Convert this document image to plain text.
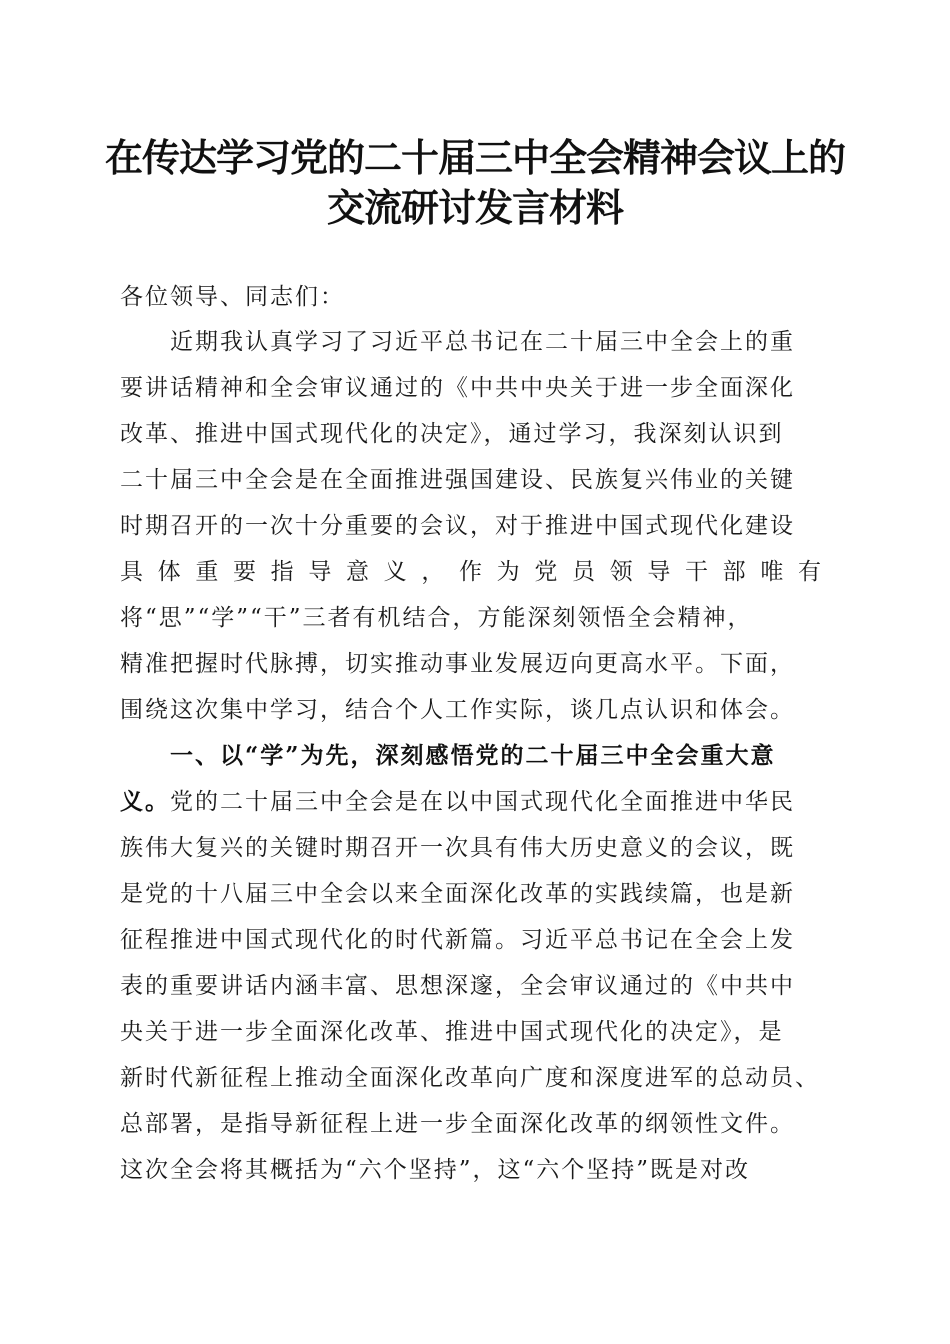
在传达学习党的二十届三中全会精神会议上的
交流研讨发言材料
各位领导、同志们：
近期我认真学习了习近平总书记在二十届三中全会上的重
要讲话精神和全会审议通过的《中共中央关于进一步全面深化
改革、推进中国式现代化的决定》，通过学习，我深刻认识到
二十届三中全会是在全面推进强国建设、民族复兴伟业的关键
时期召开的一次十分重要的会议，对于推进中国式现代化建设
具体重要指导意义，作为党员领导干部唯有
将“思”“学”“干”三者有机结合，方能深刻领悟全会精神，
精准把握时代脉搏，切实推动事业发展迈向更高水平。下面，
围绕这次集中学习，结合个人工作实际，谈几点认识和体会。
一、以“学”为先，深刻感悟党的二十届三中全会重大意
义。党的二十届三中全会是在以中国式现代化全面推进中华民
族伟大复兴的关键时期召开一次具有伟大历史意义的会议，既
是党的十八届三中全会以来全面深化改革的实践续篇，也是新
征程推进中国式现代化的时代新篇。习近平总书记在全会上发
表的重要讲话内涵丰富、思想深邃，全会审议通过的《中共中
央关于进一步全面深化改革、推进中国式现代化的决定》，是
新时代新征程上推动全面深化改革向广度和深度进军的总动员、
总部署，是指导新征程上进一步全面深化改革的纲领性文件。
这次全会将其概括为“六个坚持”，这“六个坚持”既是对改
